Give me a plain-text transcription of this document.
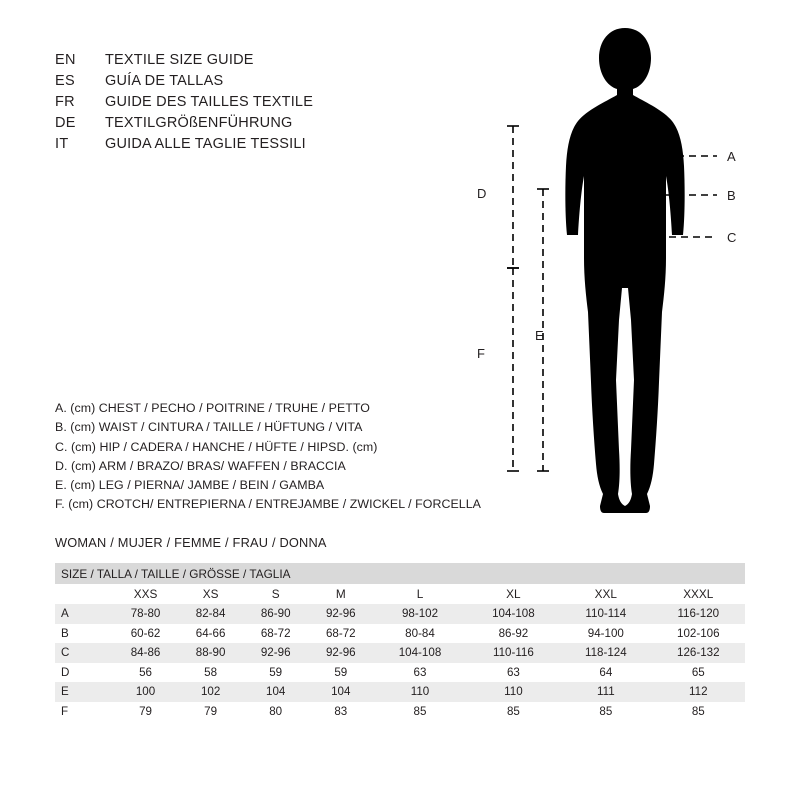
EN	TEXTILE SIZE GUIDE
ES	GUÍA DE TALLAS
FR	GUIDE DES TAILLES TEXTILE
DE	TEXTILGRÖßENFÜHRUNG
IT	GUIDA ALLE TAGLIE TESSILI
A. (cm) CHEST / PECHO / POITRINE / TRUHE / PETTO
B. (cm) WAIST / CINTURA / TAILLE / HÜFTUNG / VITA
C. (cm) HIP / CADERA / HANCHE / HÜFTE / HIPSD. (cm)
D. (cm) ARM / BRAZO/ BRAS/ WAFFEN / BRACCIA
E. (cm) LEG / PIERNA/ JAMBE / BEIN / GAMBA
F. (cm) CROTCH/ ENTREPIERNA / ENTREJAMBE / ZWICKEL / FORCELLA
WOMAN / MUJER / FEMME / FRAU / DONNA
SIZE / TALLA / TAILLE / GRÖSSE / TAGLIA								
	XXS	XS	S	M	L	XL	XXL	XXXL
A	78-80	82-84	86-90	92-96	98-102	104-108	110-114	116-120
B	60-62	64-66	68-72	68-72	80-84	86-92	94-100	102-106
C	84-86	88-90	92-96	92-96	104-108	110-116	118-124	126-132
D	56	58	59	59	63	63	64	65
E	100	102	104	104	110	110	111	112
F	79	79	80	83	85	85	85	85
A
B
C
D
E
F
